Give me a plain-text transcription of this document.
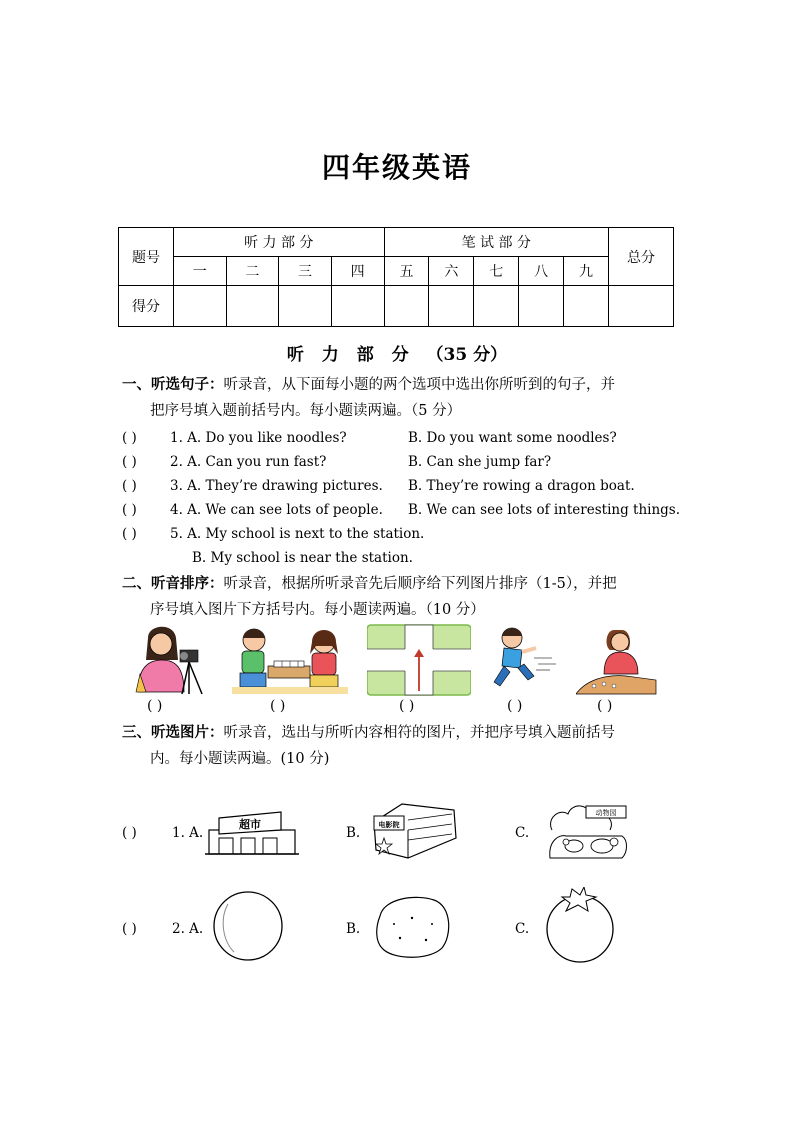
四年级英语
题号	听 力 部 分				笔 试 部 分					总分
	一	二	三	四	五	六	七	八	九	
得分										
听 力 部 分 （35 分）
一、听选句子：听录音，从下面每小题的两个选项中选出你所听到的句子，并
把序号填入题前括号内。每小题读两遍。（5 分）
( ) 1. A. Do you like noodles?	B. Do you want some noodles?
( ) 2. A. Can you run fast?	B. Can she jump far?
( ) 3. A. They’re drawing pictures. B. They’re rowing a dragon boat.
( ) 4. A. We can see lots of people. B. We can see lots of interesting things.
( ) 5. A. My school is next to the station.
B. My school is near the station.
二、听音排序：听录音，根据所听录音先后顺序给下列图片排序（1-5），并把
序号填入图片下方括号内。每小题读两遍。（10 分）
( )	( )	( )	( )	( )
三、听选图片：听录音，选出与所听内容相符的图片，并把序号填入题前括号
内。每小题读两遍。(10 分)
( )	1. A.
超市
B.	电影院	C.
动物园
( )	2. A.	B.	C.
